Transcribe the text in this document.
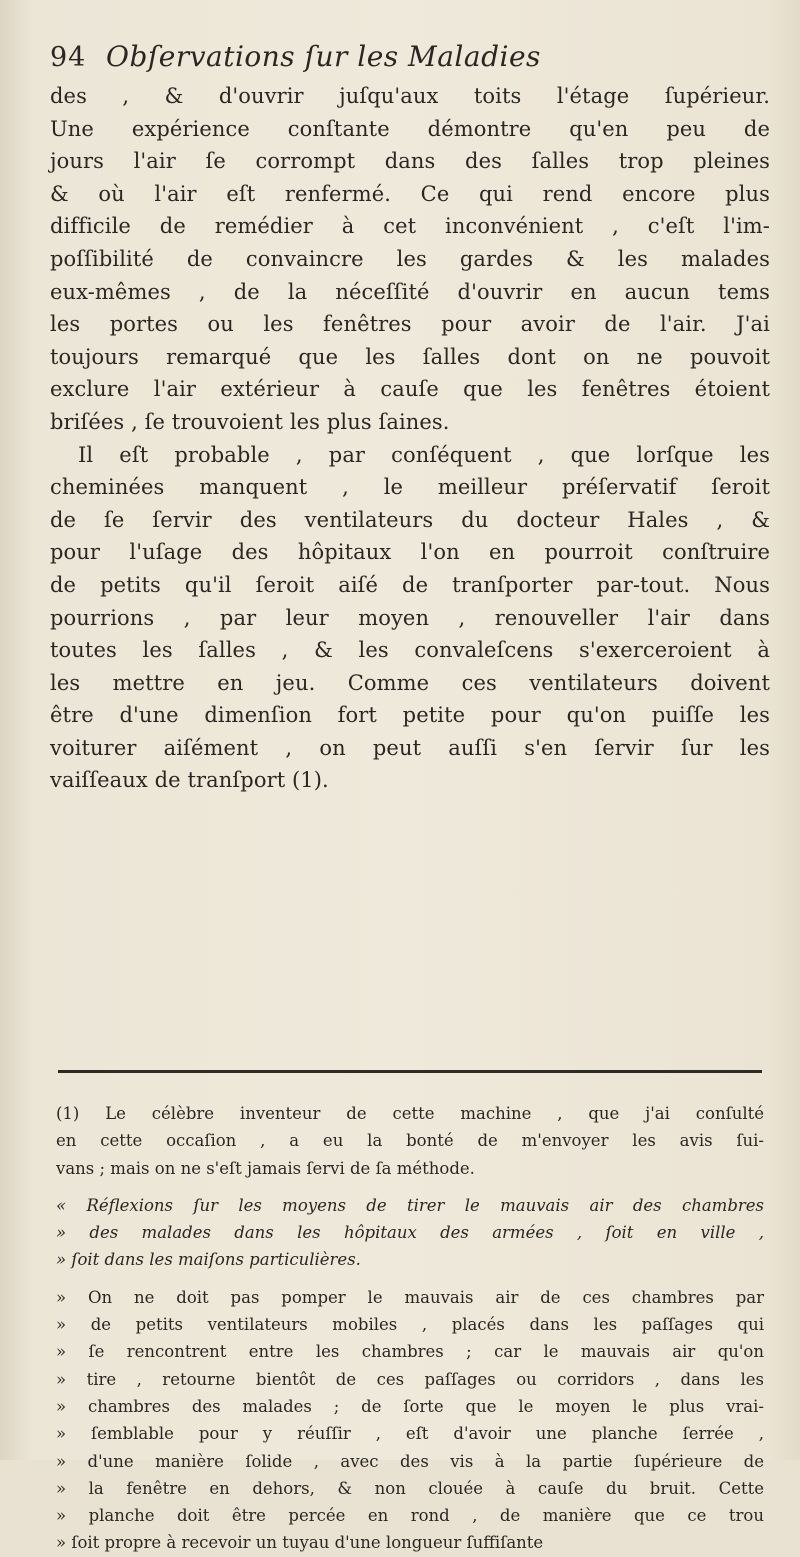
94 Obſervations ſur les Maladies
des , & d'ouvrir juſqu'aux toits l'étage ſupérieur.
Une expérience conſtante démontre qu'en peu de
jours l'air ſe corrompt dans des ſalles trop pleines
& où l'air eſt renfermé. Ce qui rend encore plus
difficile de remédier à cet inconvénient , c'eſt l'im-
poſſibilité de convaincre les gardes & les malades
eux-mêmes , de la néceſſité d'ouvrir en aucun tems
les portes ou les fenêtres pour avoir de l'air. J'ai
toujours remarqué que les ſalles dont on ne pouvoit
exclure l'air extérieur à cauſe que les fenêtres étoient
briſées , ſe trouvoient les plus ſaines.
Il eſt probable , par conſéquent , que lorſque les
cheminées manquent , le meilleur préſervatif ſeroit
de ſe ſervir des ventilateurs du docteur Hales , &
pour l'uſage des hôpitaux l'on en pourroit conſtruire
de petits qu'il ſeroit aiſé de tranſporter par-tout. Nous
pourrions , par leur moyen , renouveller l'air dans
toutes les ſalles , & les convaleſcens s'exerceroient à
les mettre en jeu. Comme ces ventilateurs doivent
être d'une dimenſion fort petite pour qu'on puiſſe les
voiturer aiſément , on peut auſſi s'en ſervir ſur les
vaiſſeaux de tranſport (1).
(1) Le célèbre inventeur de cette machine , que j'ai conſulté
en cette occaſion , a eu la bonté de m'envoyer les avis ſui-
vans ; mais on ne s'eſt jamais ſervi de ſa méthode.
« Réflexions ſur les moyens de tirer le mauvais air des chambres
» des malades dans les hôpitaux des armées , ſoit en ville ,
» ſoit dans les maiſons particulières.
» On ne doit pas pomper le mauvais air de ces chambres par
» de petits ventilateurs mobiles , placés dans les paſſages qui
» ſe rencontrent entre les chambres ; car le mauvais air qu'on
» tire , retourne bientôt de ces paſſages ou corridors , dans les
» chambres des malades ; de ſorte que le moyen le plus vrai-
» ſemblable pour y réuſſir , eſt d'avoir une planche ſerrée ,
» d'une manière ſolide , avec des vis à la partie ſupérieure de
» la fenêtre en dehors, & non clouée à cauſe du bruit. Cette
» planche doit être percée en rond , de manière que ce trou
» ſoit propre à recevoir un tuyau d'une longueur ſuffiſante
